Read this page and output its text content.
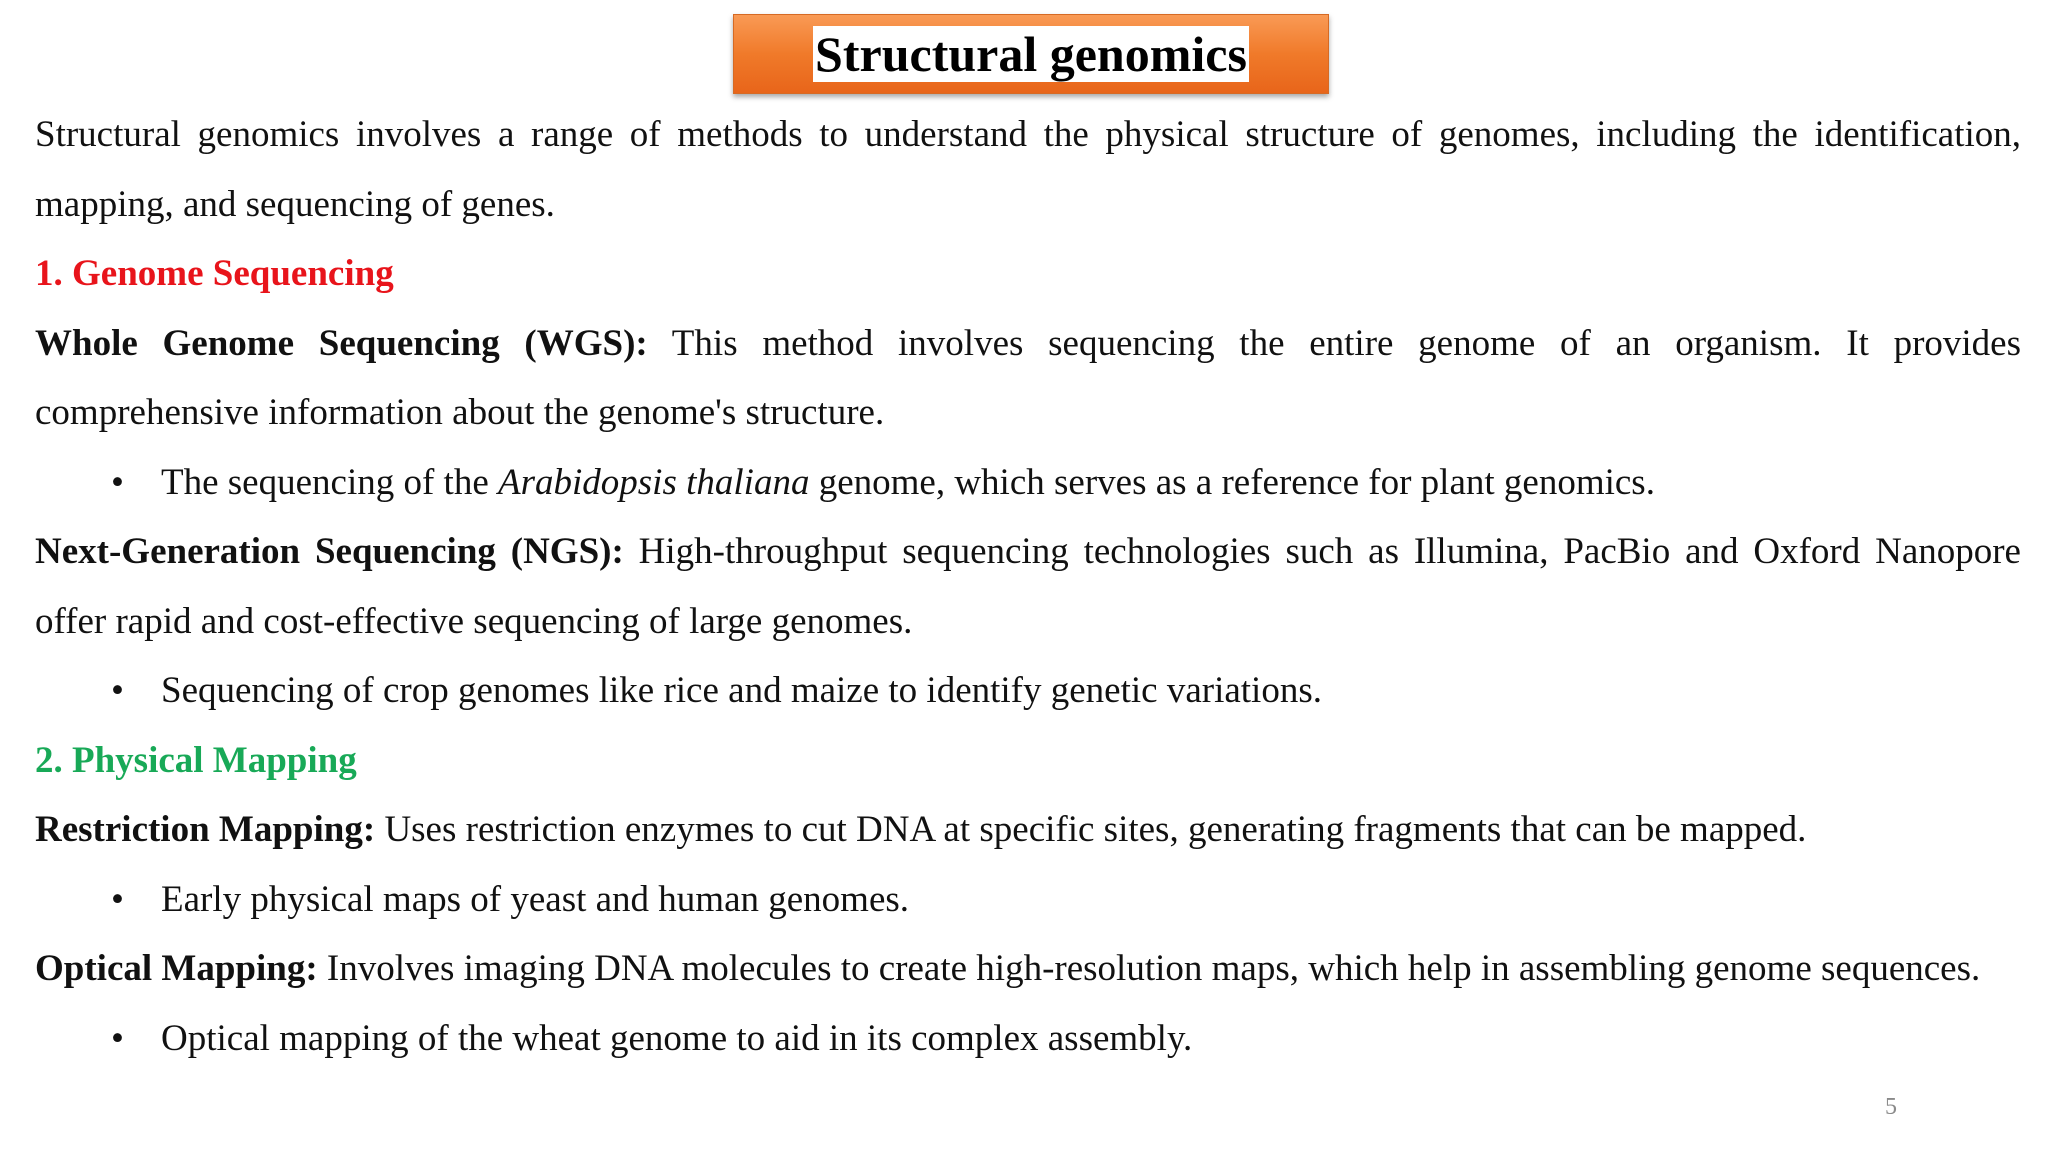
Structural genomics

Structural genomics involves a range of methods to understand the physical structure of genomes, including the identification, mapping, and sequencing of genes.

1. Genome Sequencing

Whole Genome Sequencing (WGS): This method involves sequencing the entire genome of an organism. It provides comprehensive information about the genome's structure.

• The sequencing of the Arabidopsis thaliana genome, which serves as a reference for plant genomics.

Next-Generation Sequencing (NGS): High-throughput sequencing technologies such as Illumina, PacBio and Oxford Nanopore offer rapid and cost-effective sequencing of large genomes.

• Sequencing of crop genomes like rice and maize to identify genetic variations.

2. Physical Mapping

Restriction Mapping: Uses restriction enzymes to cut DNA at specific sites, generating fragments that can be mapped.

• Early physical maps of yeast and human genomes.

Optical Mapping: Involves imaging DNA molecules to create high-resolution maps, which help in assembling genome sequences.

• Optical mapping of the wheat genome to aid in its complex assembly.

5
